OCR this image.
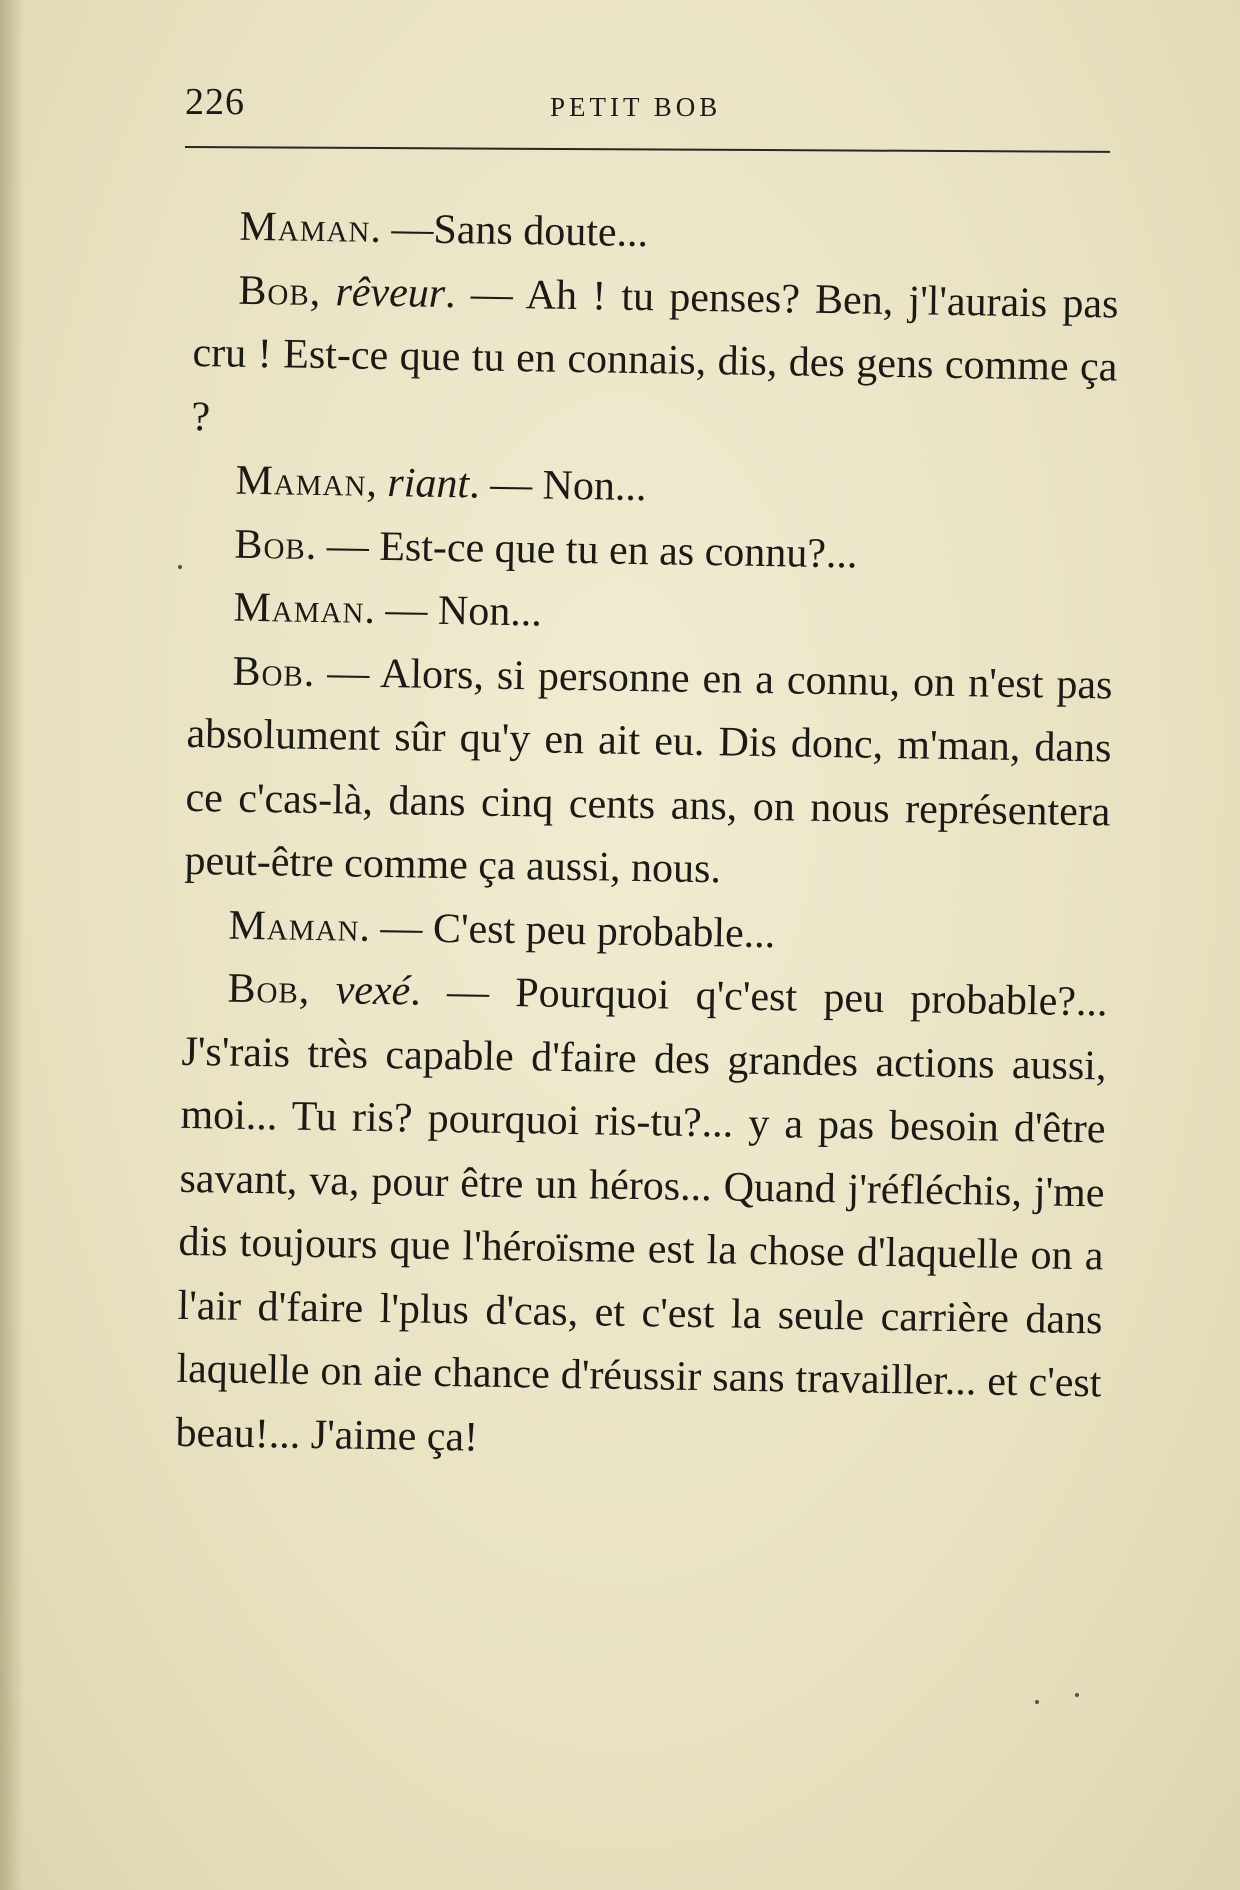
226	PETIT BOB

Maman. —Sans doute...

Bob, rêveur. — Ah ! tu penses? Ben, j'l'aurais pas cru ! Est-ce que tu en connais, dis, des gens comme ça ?

Maman, riant. — Non...

Bob. — Est-ce que tu en as connu?...

Maman. — Non...

Bob. — Alors, si personne en a connu, on n'est pas absolument sûr qu'y en ait eu. Dis donc, m'man, dans ce c'cas-là, dans cinq cents ans, on nous représentera peut-être comme ça aussi, nous.

Maman. — C'est peu probable...

Bob, vexé. — Pourquoi q'c'est peu probable?... J's'rais très capable d'faire des grandes actions aussi, moi... Tu ris? pourquoi ris-tu?... y a pas besoin d'être savant, va, pour être un héros... Quand j'réfléchis, j'me dis toujours que l'héroïsme est la chose d'laquelle on a l'air d'faire l'plus d'cas, et c'est la seule carrière dans laquelle on aie chance d'réussir sans travailler... et c'est beau!... J'aime ça!
